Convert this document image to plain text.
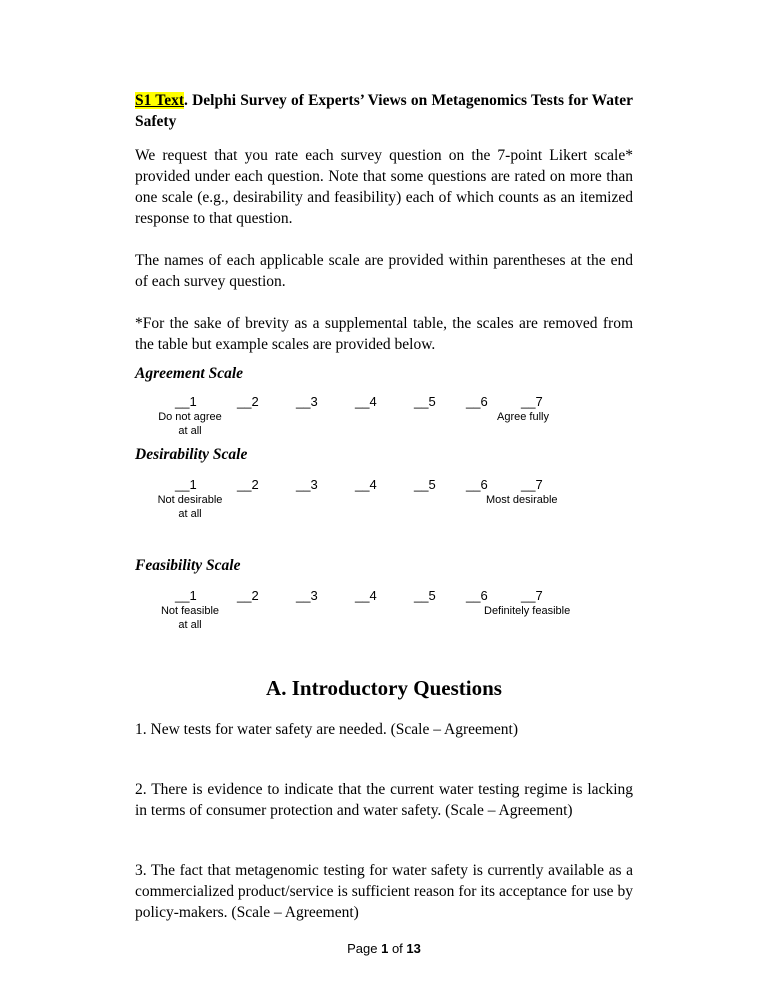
S1 Text. Delphi Survey of Experts’ Views on Metagenomics Tests for Water Safety

We request that you rate each survey question on the 7-point Likert scale* provided under each question. Note that some questions are rated on more than one scale (e.g., desirability and feasibility) each of which counts as an itemized response to that question.

The names of each applicable scale are provided within parentheses at the end of each survey question.

*For the sake of brevity as a supplemental table, the scales are removed from the table but example scales are provided below.

Agreement Scale
__1	__2	__3	__4	__5 __6	__7
Do not agree
at all
Agree fully
Desirability Scale
__1	__2	__3	__4	__5 __6	__7
Not desirable
at all
Most desirable
Feasibility Scale
__1	__2	__3	__4	__5 __6	__7
Not feasible
at all
Definitely feasible
A. Introductory Questions

1. New tests for water safety are needed. (Scale – Agreement)

2. There is evidence to indicate that the current water testing regime is lacking in terms of consumer protection and water safety. (Scale – Agreement)

3. The fact that metagenomic testing for water safety is currently available as a commercialized product/service is sufficient reason for its acceptance for use by policy-makers. (Scale – Agreement)

Page 1 of 13
